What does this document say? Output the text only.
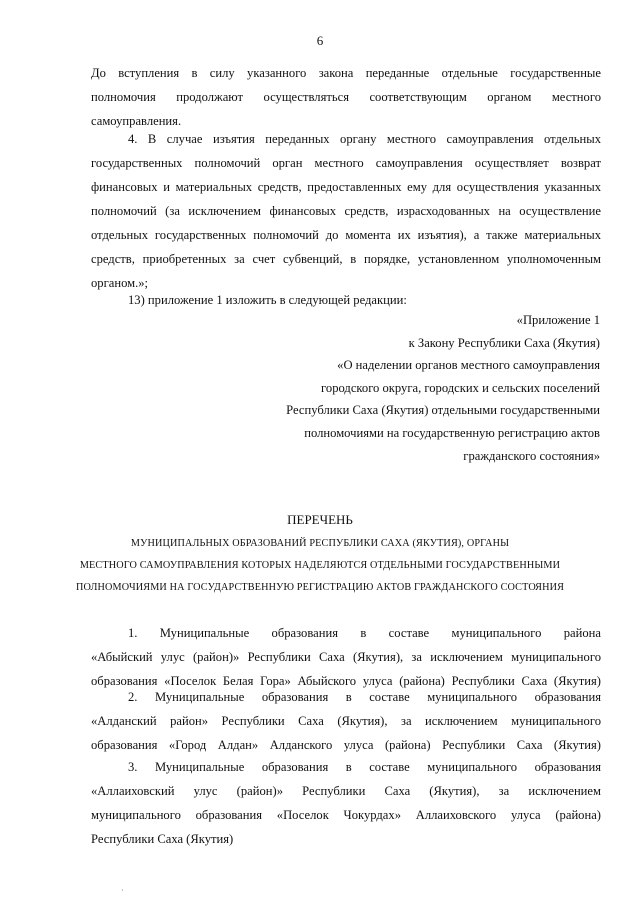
6
До вступления в силу указанного закона переданные отдельные государственные
полномочия продолжают осуществляться соответствующим органом местного
самоуправления.
4. В случае изъятия переданных органу местного самоуправления отдельных
государственных полномочий орган местного самоуправления осуществляет возврат
финансовых и материальных средств, предоставленных ему для осуществления указанных
полномочий (за исключением финансовых средств, израсходованных на осуществление
отдельных государственных полномочий до момента их изъятия), а также материальных
средств, приобретенных за счет субвенций, в порядке, установленном уполномоченным
органом.»;
13) приложение 1 изложить в следующей редакции:
«Приложение 1
к Закону Республики Саха (Якутия)
«О наделении органов местного самоуправления
городского округа, городских и сельских поселений
Республики Саха (Якутия) отдельными государственными
полномочиями на государственную регистрацию актов
гражданского состояния»
ПЕРЕЧЕНЬ
МУНИЦИПАЛЬНЫХ ОБРАЗОВАНИЙ РЕСПУБЛИКИ САХА (ЯКУТИЯ), ОРГАНЫ
МЕСТНОГО САМОУПРАВЛЕНИЯ КОТОРЫХ НАДЕЛЯЮТСЯ ОТДЕЛЬНЫМИ ГОСУДАРСТВЕННЫМИ
ПОЛНОМОЧИЯМИ НА ГОСУДАРСТВЕННУЮ РЕГИСТРАЦИЮ АКТОВ ГРАЖДАНСКОГО СОСТОЯНИЯ
1. Муниципальные образования в составе муниципального района
«Абыйский улус (район)» Республики Саха (Якутия), за исключением муниципального
образования «Поселок Белая Гора» Абыйского улуса (района) Республики Саха (Якутия)
2. Муниципальные образования в составе муниципального образования
«Алданский район» Республики Саха (Якутия), за исключением муниципального
образования «Город Алдан» Алданского улуса (района) Республики Саха (Якутия)
3. Муниципальные образования в составе муниципального образования
«Аллаиховский улус (район)» Республики Саха (Якутия), за исключением
муниципального образования «Поселок Чокурдах» Аллаиховского улуса (района)
Республики Саха (Якутия)
·
